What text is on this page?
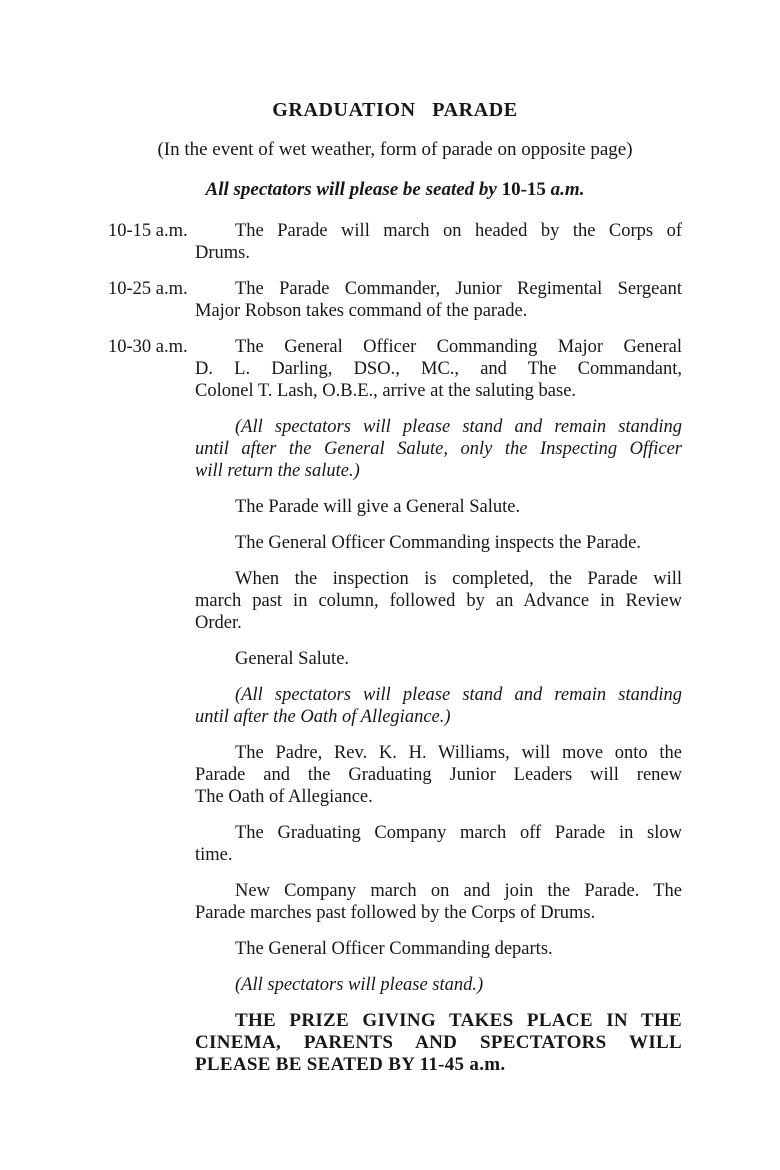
GRADUATION PARADE
(In the event of wet weather, form of parade on opposite page)
All spectators will please be seated by 10-15 a.m.
10-15 a.m.	The Parade will march on headed by the Corps of
Drums.
10-25 a.m.	The Parade Commander, Junior Regimental Sergeant
Major Robson takes command of the parade.
10-30 a.m.	The General Officer Commanding Major General
D. L. Darling, DSO., MC., and The Commandant,
Colonel T. Lash, O.B.E., arrive at the saluting base.
(All spectators will please stand and remain standing
until after the General Salute, only the Inspecting Officer
will return the salute.)
The Parade will give a General Salute.
The General Officer Commanding inspects the Parade.
When the inspection is completed, the Parade will
march past in column, followed by an Advance in Review
Order.
General Salute.
(All spectators will please stand and remain standing
until after the Oath of Allegiance.)
The Padre, Rev. K. H. Williams, will move onto the
Parade and the Graduating Junior Leaders will renew
The Oath of Allegiance.
The Graduating Company march off Parade in slow
time.
New Company march on and join the Parade. The
Parade marches past followed by the Corps of Drums.
The General Officer Commanding departs.
(All spectators will please stand.)
THE PRIZE GIVING TAKES PLACE IN THE
CINEMA, PARENTS AND SPECTATORS WILL
PLEASE BE SEATED BY 11-45 a.m.
